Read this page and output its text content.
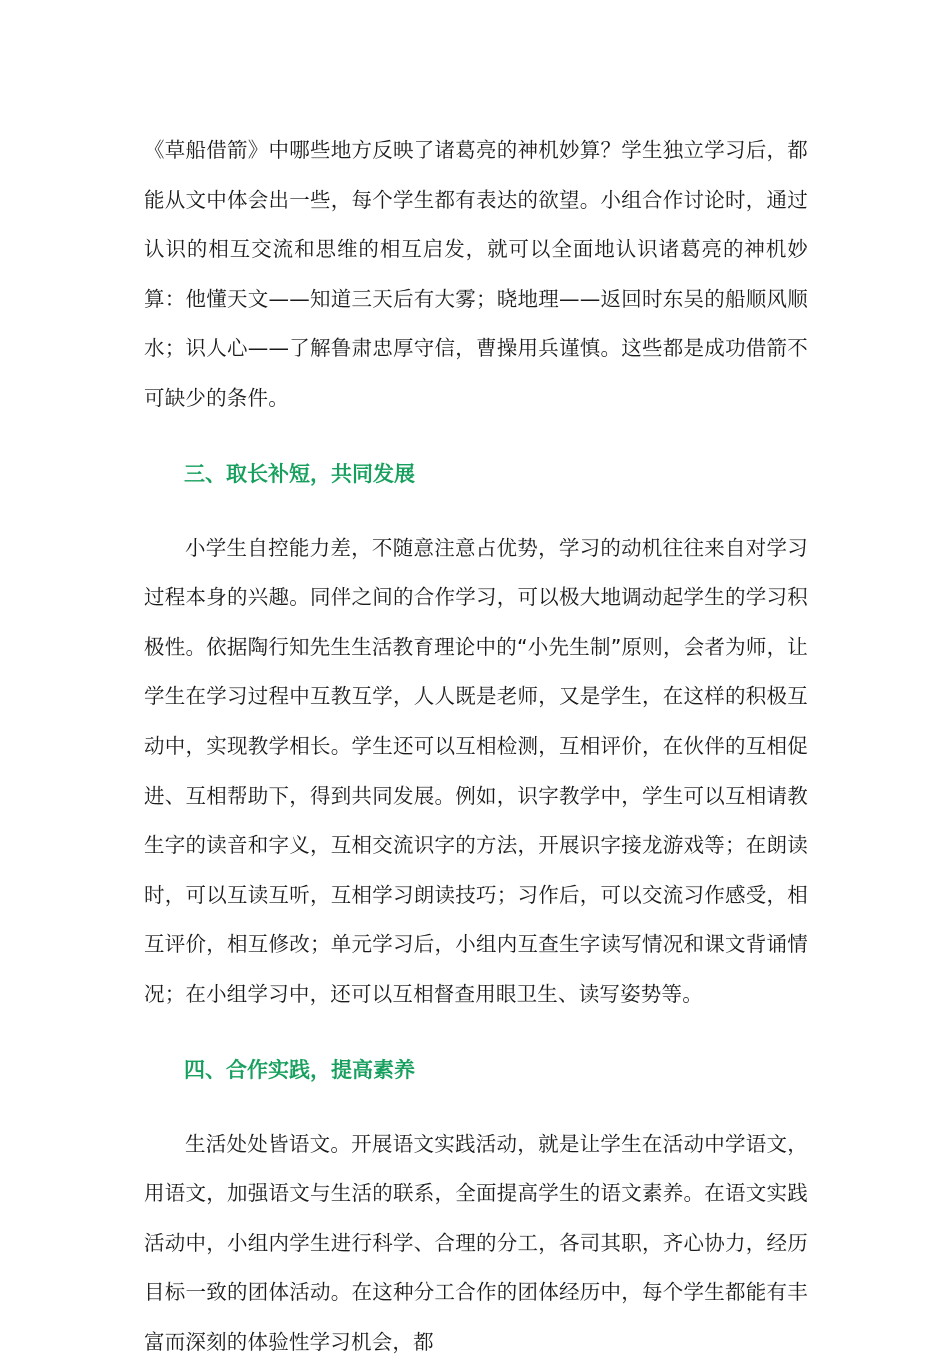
《草船借箭》中哪些地方反映了诸葛亮的神机妙算？学生独立学习后，都能从文中体会出一些，每个学生都有表达的欲望。小组合作讨论时，通过认识的相互交流和思维的相互启发，就可以全面地认识诸葛亮的神机妙算：他懂天文——知道三天后有大雾；晓地理——返回时东吴的船顺风顺水；识人心——了解鲁肃忠厚守信，曹操用兵谨慎。这些都是成功借箭不可缺少的条件。

三、取长补短，共同发展

小学生自控能力差，不随意注意占优势，学习的动机往往来自对学习过程本身的兴趣。同伴之间的合作学习，可以极大地调动起学生的学习积极性。依据陶行知先生生活教育理论中的“小先生制”原则，会者为师，让学生在学习过程中互教互学，人人既是老师，又是学生，在这样的积极互动中，实现教学相长。学生还可以互相检测，互相评价，在伙伴的互相促进、互相帮助下，得到共同发展。例如，识字教学中，学生可以互相请教生字的读音和字义，互相交流识字的方法，开展识字接龙游戏等；在朗读时，可以互读互听，互相学习朗读技巧；习作后，可以交流习作感受，相互评价，相互修改；单元学习后，小组内互查生字读写情况和课文背诵情况；在小组学习中，还可以互相督查用眼卫生、读写姿势等。

四、合作实践，提高素养

生活处处皆语文。开展语文实践活动，就是让学生在活动中学语文，用语文，加强语文与生活的联系，全面提高学生的语文素养。在语文实践活动中，小组内学生进行科学、合理的分工，各司其职，齐心协力，经历目标一致的团体活动。在这种分工合作的团体经历中，每个学生都能有丰富而深刻的体验性学习机会，都
